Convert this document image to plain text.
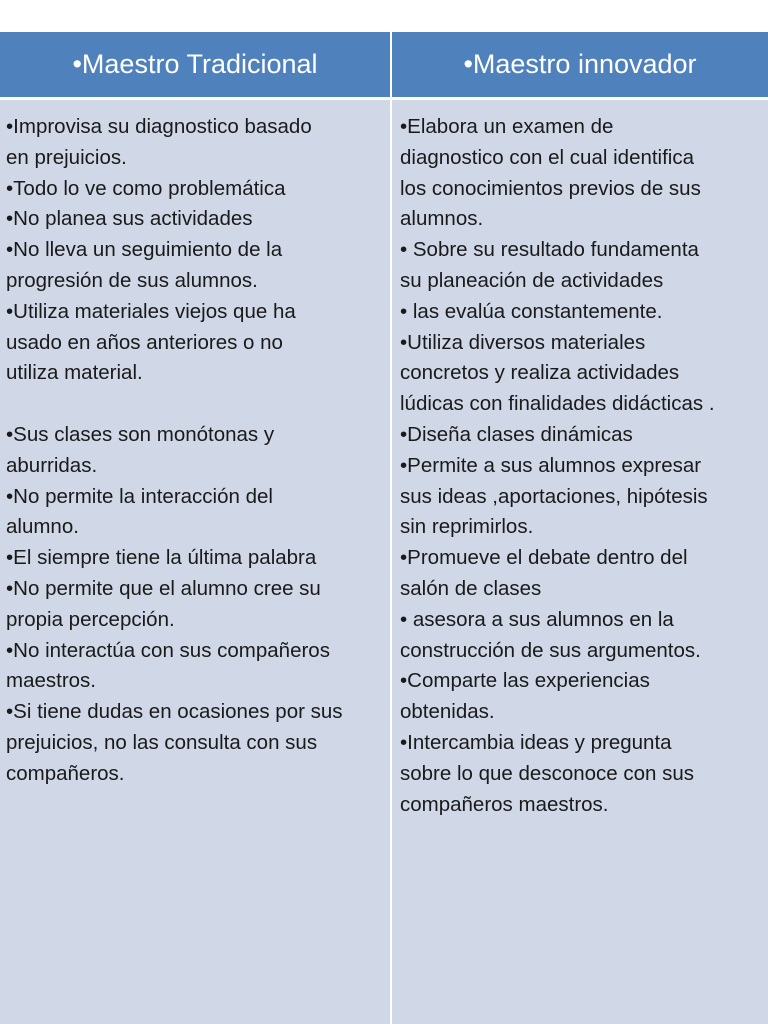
•Maestro Tradicional	•Maestro innovador
•Improvisa su diagnostico basado
en prejuicios.
•Todo lo ve como problemática
•No planea sus actividades
•No lleva un seguimiento de la
progresión de sus alumnos.
•Utiliza materiales viejos que ha
usado en años anteriores o no
utiliza material.
•Sus clases son monótonas y
aburridas.
•No permite la interacción del
alumno.
•El siempre tiene la última palabra
•No permite que el alumno cree su
propia percepción.
•No interactúa con sus compañeros
maestros.
•Si tiene dudas en ocasiones por sus
prejuicios, no las consulta con sus
compañeros.
•Elabora un examen de
diagnostico con el cual identifica
los conocimientos previos de sus
alumnos.
• Sobre su resultado fundamenta
su planeación de actividades
• las evalúa constantemente.
•Utiliza diversos materiales
concretos y realiza actividades
lúdicas con finalidades didácticas .
•Diseña clases dinámicas
•Permite a sus alumnos expresar
sus ideas ,aportaciones, hipótesis
sin reprimirlos.
•Promueve el debate dentro del
salón de clases
• asesora a sus alumnos en la
construcción de sus argumentos.
•Comparte las experiencias
obtenidas.
•Intercambia ideas y pregunta
sobre lo que desconoce con sus
compañeros maestros.
